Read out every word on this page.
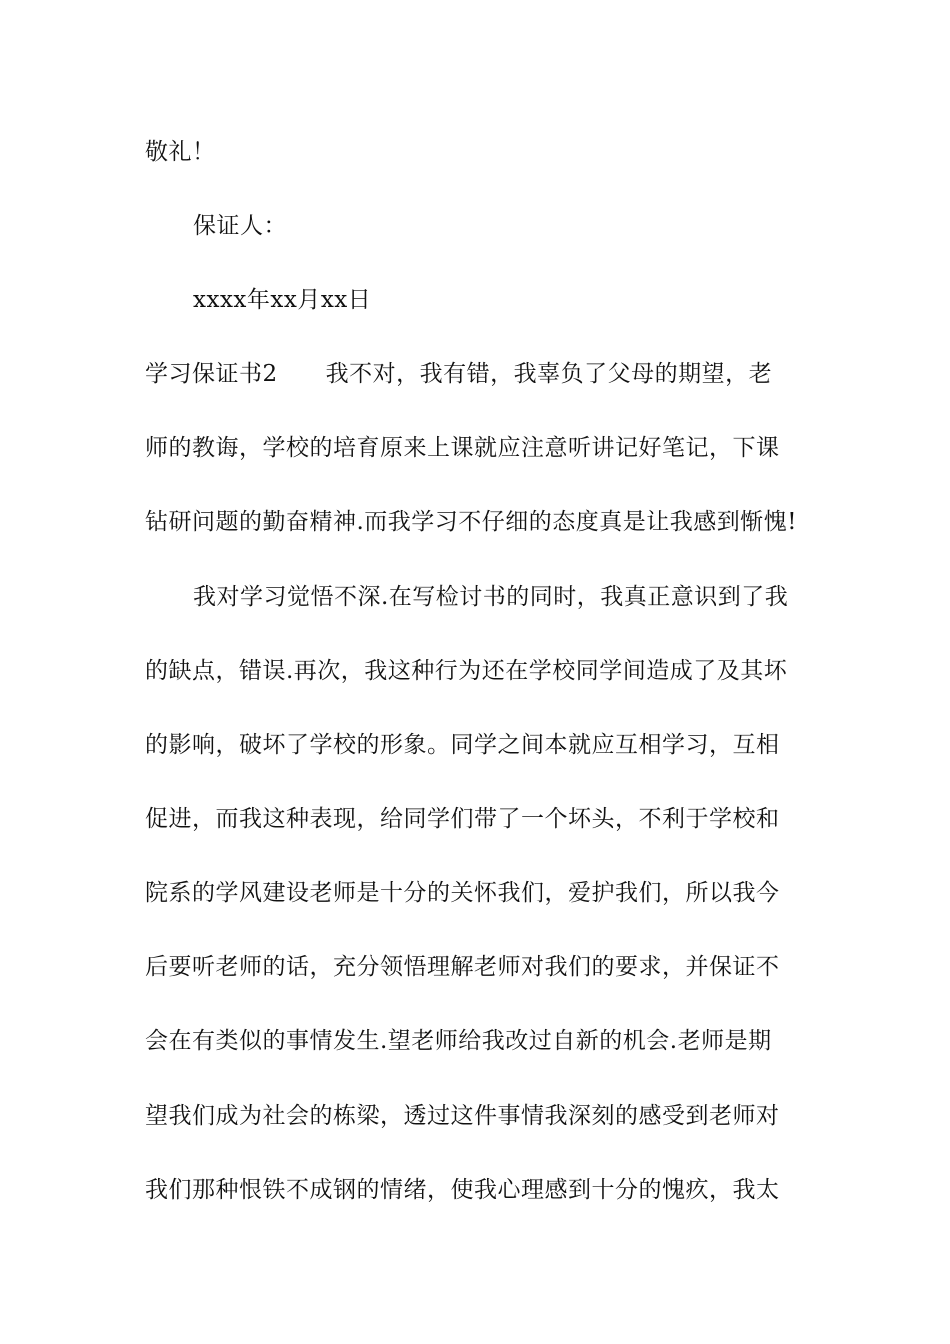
敬礼！
保证人：
xxxx年xx月xx日
学习保证书2 我不对，我有错，我辜负了父母的期望，老
师的教诲，学校的培育原来上课就应注意听讲记好笔记，下课
钻研问题的勤奋精神.而我学习不仔细的态度真是让我感到惭愧!
我对学习觉悟不深.在写检讨书的同时，我真正意识到了我
的缺点，错误.再次，我这种行为还在学校同学间造成了及其坏
的影响，破坏了学校的形象。同学之间本就应互相学习，互相
促进，而我这种表现，给同学们带了一个坏头，不利于学校和
院系的学风建设老师是十分的关怀我们，爱护我们，所以我今
后要听老师的话，充分领悟理解老师对我们的要求，并保证不
会在有类似的事情发生.望老师给我改过自新的机会.老师是期
望我们成为社会的栋梁，透过这件事情我深刻的感受到老师对
我们那种恨铁不成钢的情绪，使我心理感到十分的愧疚，我太
